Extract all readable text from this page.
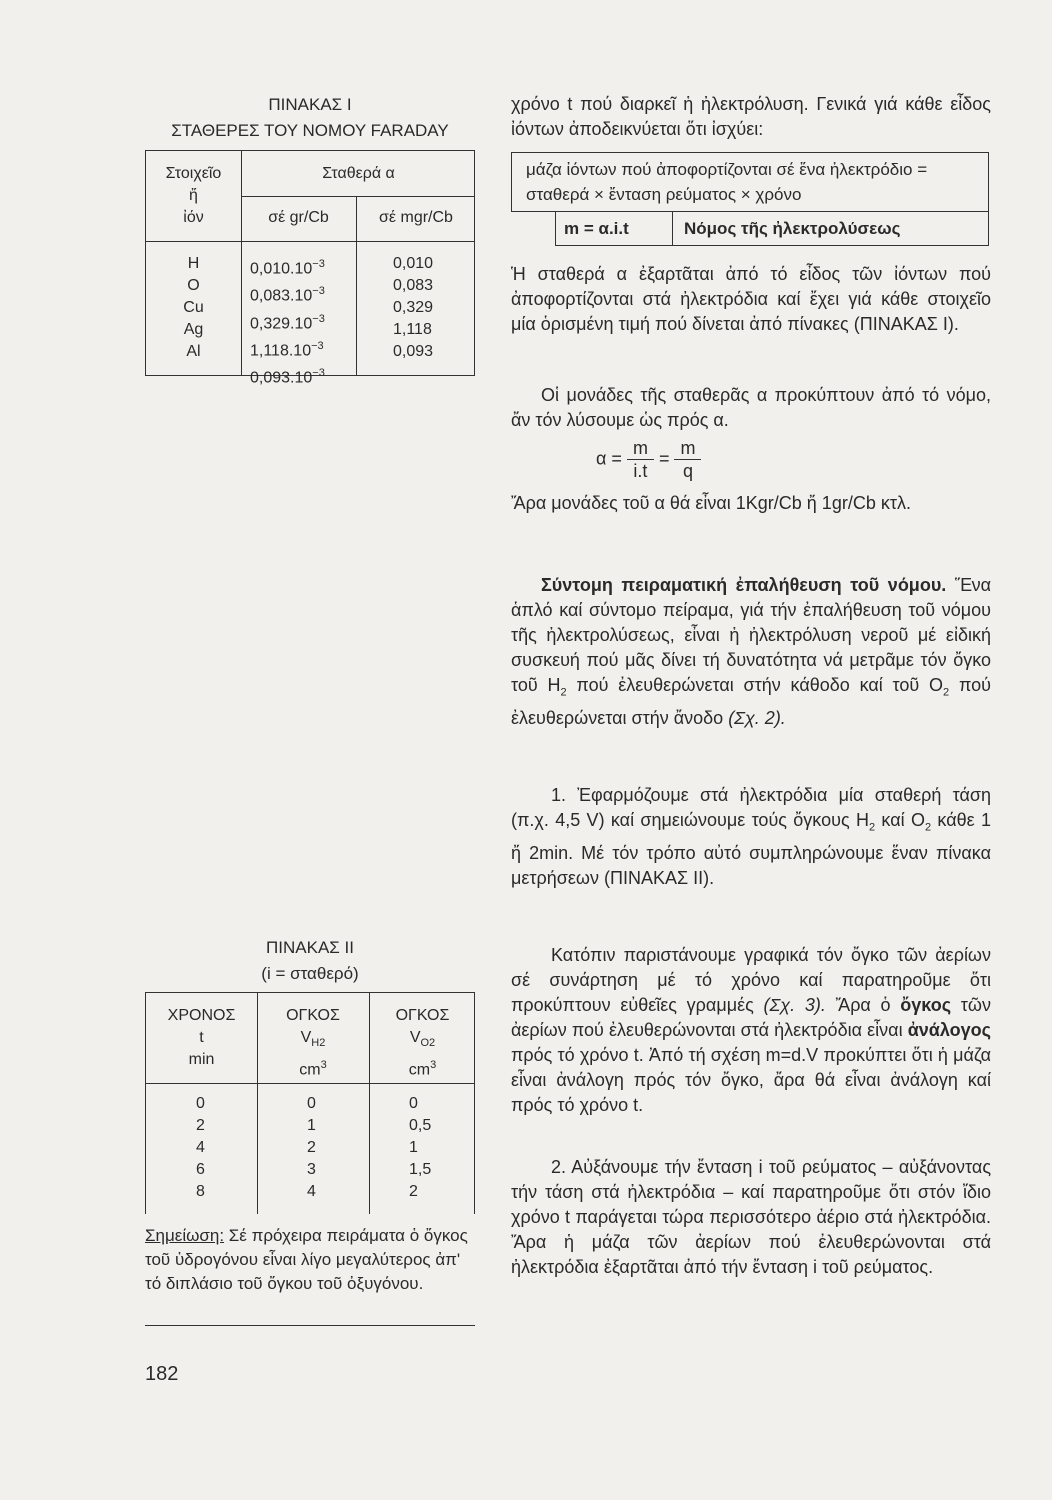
ΠΙΝΑΚΑΣ Ι
ΣΤΑΘΕΡΕΣ ΤΟΥ ΝΟΜΟΥ FARADAY
Στοιχεῖο
ἤ
ἰόν
Σταθερά α
σέ gr/Cb	σέ mgr/Cb
H
O
Cu
Ag
Al
$0,010.10^{-3}$
$0,083.10^{-3}$
$0,329.10^{-3}$
$1,118.10^{-3}$
$0,093.10^{-3}$
0,010
0,083
0,329
1,118
0,093
χρόνο t πού διαρκεῖ ἡ ἠλεκτρόλυση. Γενικά γιά κάθε εἶδος ἰόντων ἀποδεικνύεται ὅτι ἰσχύει:
μάζα ἰόντων πού ἀποφορτίζονται σέ ἕνα ἠλεκτρόδιο = σταθερά × ἔνταση ρεύματος × χρόνο
m = α.i.t	Νόμος τῆς ἠλεκτρολύσεως
Ἡ σταθερά α ἐξαρτᾶται ἀπό τό εἶδος τῶν ἰόντων πού ἀποφορτίζονται στά ἠλεκτρόδια καί ἔχει γιά κάθε στοιχεῖο μία ὁρισμένη τιμή πού δίνεται ἀπό πίνακες (ΠΙΝΑΚΑΣ Ι).
Οἱ μονάδες τῆς σταθερᾶς α προκύπτουν ἀπό τό νόμο, ἄν τόν λύσουμε ὡς πρός α.
$\alpha = \frac{m}{i.t} = \frac{m}{q}$
Ἄρα μονάδες τοῦ α θά εἶναι 1Kgr/Cb ἤ 1gr/Cb κτλ.
Σύντομη πειραματική ἐπαλήθευση τοῦ νόμου. Ἕνα ἁπλό καί σύντομο πείραμα, γιά τήν ἐπαλήθευση τοῦ νόμου τῆς ἠλεκτρολύσεως, εἶναι ἡ ἠλεκτρόλυση νεροῦ μέ εἰδική συσκευή πού μᾶς δίνει τή δυνατότητα νά μετρᾶμε τόν ὄγκο τοῦ $H_2$ πού ἐλευθερώνεται στήν κάθοδο καί τοῦ $O_2$ πού ἐλευθερώνεται στήν ἄνοδο (Σχ. 2).
1. Ἐφαρμόζουμε στά ἠλεκτρόδια μία σταθερή τάση (π.χ. 4,5 V) καί σημειώνουμε τούς ὄγκους $H_2$ καί $O_2$ κάθε 1 ἤ 2min. Μέ τόν τρόπο αὐτό συμπληρώνουμε ἕναν πίνακα μετρήσεων (ΠΙΝΑΚΑΣ ΙΙ).
Κατόπιν παριστάνουμε γραφικά τόν ὄγκο τῶν ἀερίων σέ συνάρτηση μέ τό χρόνο καί παρατηροῦμε ὅτι προκύπτουν εὐθεῖες γραμμές (Σχ. 3). Ἄρα ὁ ὄγκος τῶν ἀερίων πού ἐλευθερώνονται στά ἠλεκτρόδια εἶναι ἀνάλογος πρός τό χρόνο t. Ἀπό τή σχέση m=d.V προκύπτει ὅτι ἡ μάζα εἶναι ἀνάλογη πρός τόν ὄγκο, ἄρα θά εἶναι ἀνάλογη καί πρός τό χρόνο t.
2. Αὐξάνουμε τήν ἔνταση i τοῦ ρεύματος – αὐξάνοντας τήν τάση στά ἠλεκτρόδια – καί παρατηροῦμε ὅτι στόν ἴδιο χρόνο t παράγεται τώρα περισσότερο ἀέριο στά ἠλεκτρόδια. Ἄρα ἡ μάζα τῶν ἀερίων πού ἐλευθερώνονται στά ἠλεκτρόδια ἐξαρτᾶται ἀπό τήν ἔνταση i τοῦ ρεύματος.
ΠΙΝΑΚΑΣ ΙΙ
(i = σταθερό)
ΧΡΟΝΟΣ
t
min
ΟΓΚΟΣ
$V_{H2}$
$cm^3$
ΟΓΚΟΣ
$V_{O2}$
$cm^3$
0
2
4
6
8
0
1
2
3
4
0
0,5
1
1,5
2
Σημείωση: Σέ πρόχειρα πειράματα ὁ ὄγκος τοῦ ὑδρογόνου εἶναι λίγο μεγαλύτερος ἀπ' τό διπλάσιο τοῦ ὄγκου τοῦ ὀξυγόνου.
182
